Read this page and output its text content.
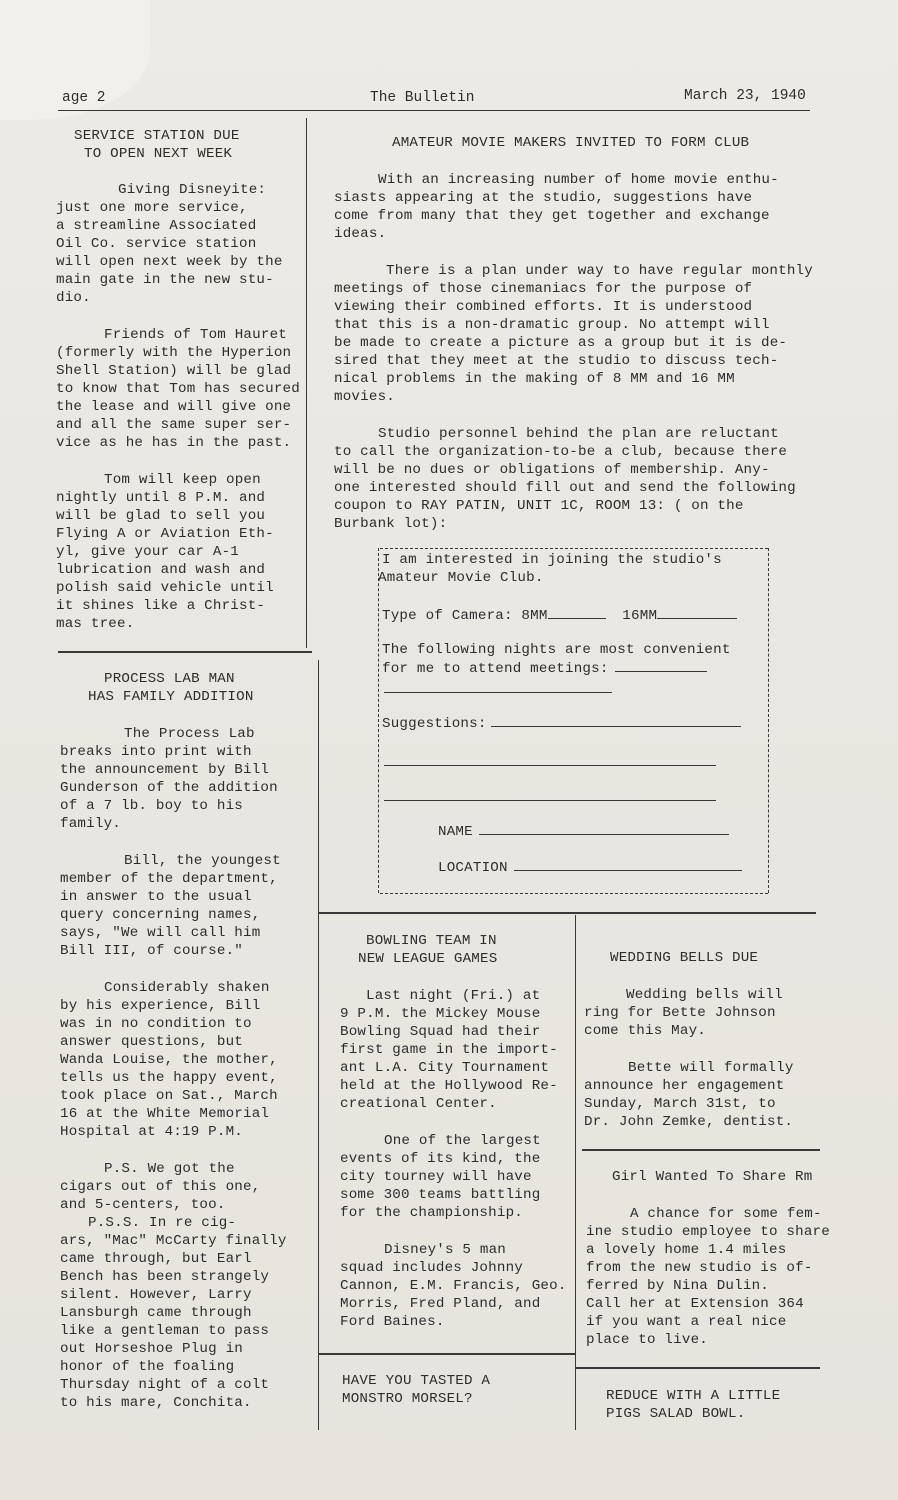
age 2	The Bulletin	March 23, 1940
SERVICE STATION DUE
TO OPEN NEXT WEEK
Giving Disneyite:
just one more service,
a streamline Associated
Oil Co. service station
will open next week by the
main gate in the new stu-
dio.
Friends of Tom Hauret
(formerly with the Hyperion
Shell Station) will be glad
to know that Tom has secured
the lease and will give one
and all the same super ser-
vice as he has in the past.
Tom will keep open
nightly until 8 P.M. and
will be glad to sell you
Flying A or Aviation Eth-
yl, give your car A-1
lubrication and wash and
polish said vehicle until
it shines like a Christ-
mas tree.
PROCESS LAB MAN
HAS FAMILY ADDITION
The Process Lab
breaks into print with
the announcement by Bill
Gunderson of the addition
of a 7 lb. boy to his
family.
Bill, the youngest
member of the department,
in answer to the usual
query concerning names,
says, "We will call him
Bill III, of course."
Considerably shaken
by his experience, Bill
was in no condition to
answer questions, but
Wanda Louise, the mother,
tells us the happy event,
took place on Sat., March
16 at the White Memorial
Hospital at 4:19 P.M.
P.S. We got the
cigars out of this one,
and 5-centers, too.
P.S.S. In re cig-
ars, "Mac" McCarty finally
came through, but Earl
Bench has been strangely
silent. However, Larry
Lansburgh came through
like a gentleman to pass
out Horseshoe Plug in
honor of the foaling
Thursday night of a colt
to his mare, Conchita.
AMATEUR MOVIE MAKERS INVITED TO FORM CLUB
With an increasing number of home movie enthu-
siasts appearing at the studio, suggestions have
come from many that they get together and exchange
ideas.
There is a plan under way to have regular monthly
meetings of those cinemaniacs for the purpose of
viewing their combined efforts. It is understood
that this is a non-dramatic group. No attempt will
be made to create a picture as a group but it is de-
sired that they meet at the studio to discuss tech-
nical problems in the making of 8 MM and 16 MM
movies.
Studio personnel behind the plan are reluctant
to call the organization-to-be a club, because there
will be no dues or obligations of membership. Any-
one interested should fill out and send the following
coupon to RAY PATIN, UNIT 1C, ROOM 13: ( on the
Burbank lot):
I am interested in joining the studio's
Amateur Movie Club.
Type of Camera: 8MM	16MM
The following nights are most convenient
for me to attend meetings:
Suggestions:
NAME
LOCATION
BOWLING TEAM IN
NEW LEAGUE GAMES
Last night (Fri.) at
9 P.M. the Mickey Mouse
Bowling Squad had their
first game in the import-
ant L.A. City Tournament
held at the Hollywood Re-
creational Center.
One of the largest
events of its kind, the
city tourney will have
some 300 teams battling
for the championship.
Disney's 5 man
squad includes Johnny
Cannon, E.M. Francis, Geo.
Morris, Fred Pland, and
Ford Baines.
HAVE YOU TASTED A
MONSTRO MORSEL?
WEDDING BELLS DUE
Wedding bells will
ring for Bette Johnson
come this May.
Bette will formally
announce her engagement
Sunday, March 31st, to
Dr. John Zemke, dentist.
Girl Wanted To Share Rm
A chance for some fem-
ine studio employee to share
a lovely home 1.4 miles
from the new studio is of-
ferred by Nina Dulin.
Call her at Extension 364
if you want a real nice
place to live.
REDUCE WITH A LITTLE
PIGS SALAD BOWL.
